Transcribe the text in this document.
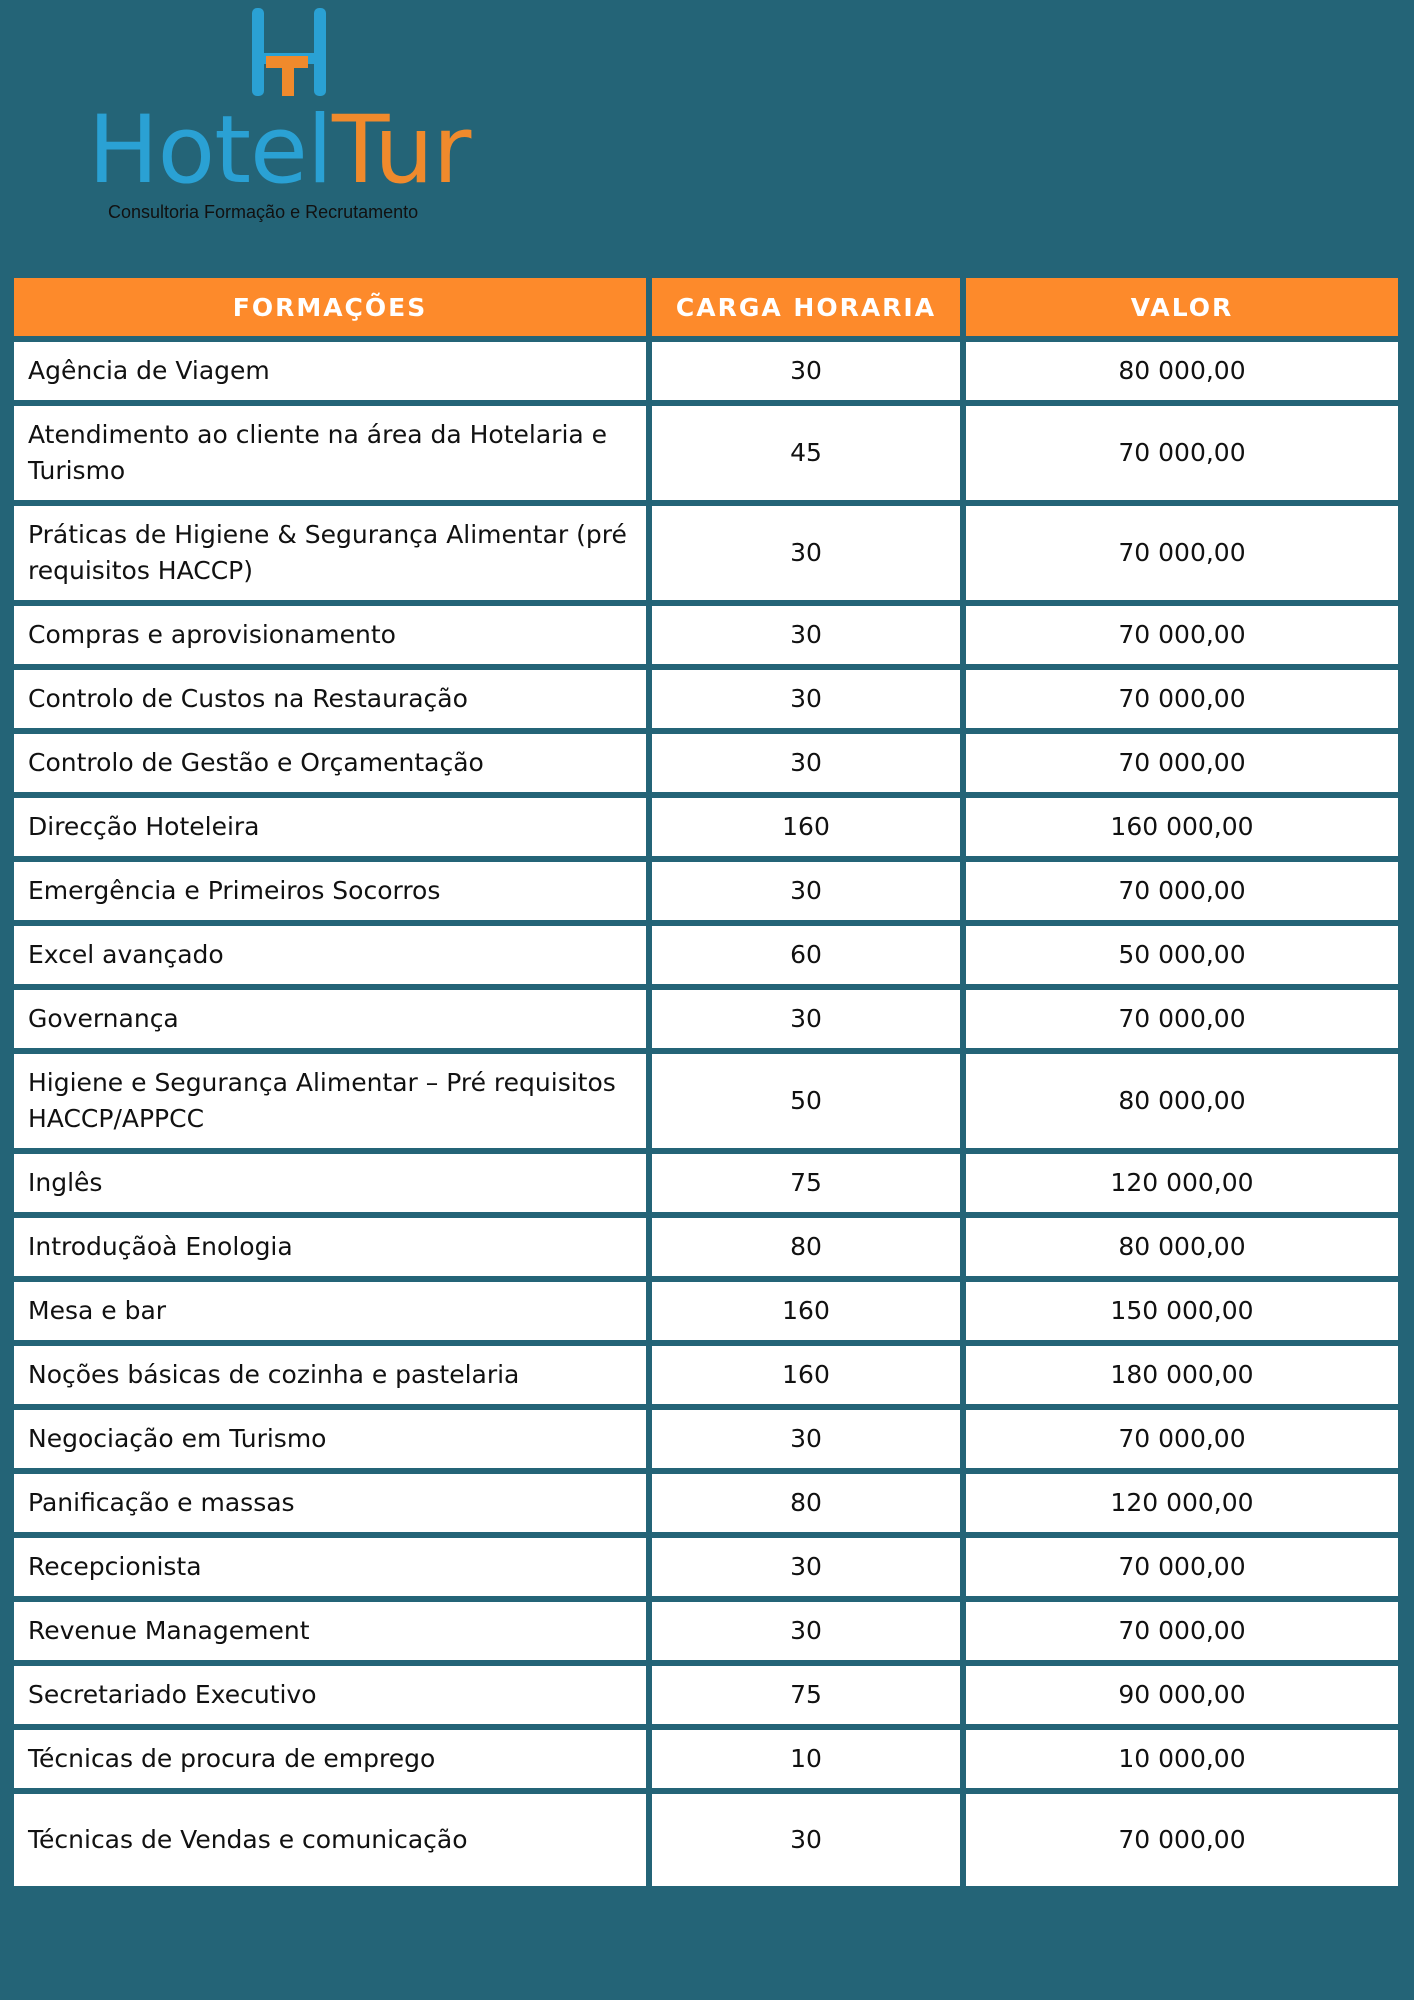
HotelTur
Consultoria Formação e Recrutamento
FORMAÇÕES	CARGA HORARIA	VALOR
Agência de Viagem	30	80 000,00
Atendimento ao cliente na área da Hotelaria e Turismo	45	70 000,00
Práticas de Higiene & Segurança Alimentar (pré requisitos HACCP)	30	70 000,00
Compras e aprovisionamento	30	70 000,00
Controlo de Custos na Restauração	30	70 000,00
Controlo de Gestão e Orçamentação	30	70 000,00
Direcção Hoteleira	160	160 000,00
Emergência e Primeiros Socorros	30	70 000,00
Excel avançado	60	50 000,00
Governança	30	70 000,00
Higiene e Segurança Alimentar – Pré requisitos HACCP/APPCC	50	80 000,00
Inglês	75	120 000,00
Introduçãoà Enologia	80	80 000,00
Mesa e bar	160	150 000,00
Noções básicas de cozinha e pastelaria	160	180 000,00
Negociação em Turismo	30	70 000,00
Panificação e massas	80	120 000,00
Recepcionista	30	70 000,00
Revenue Management	30	70 000,00
Secretariado Executivo	75	90 000,00
Técnicas de procura de emprego	10	10 000,00
Técnicas de Vendas e comunicação	30	70 000,00
